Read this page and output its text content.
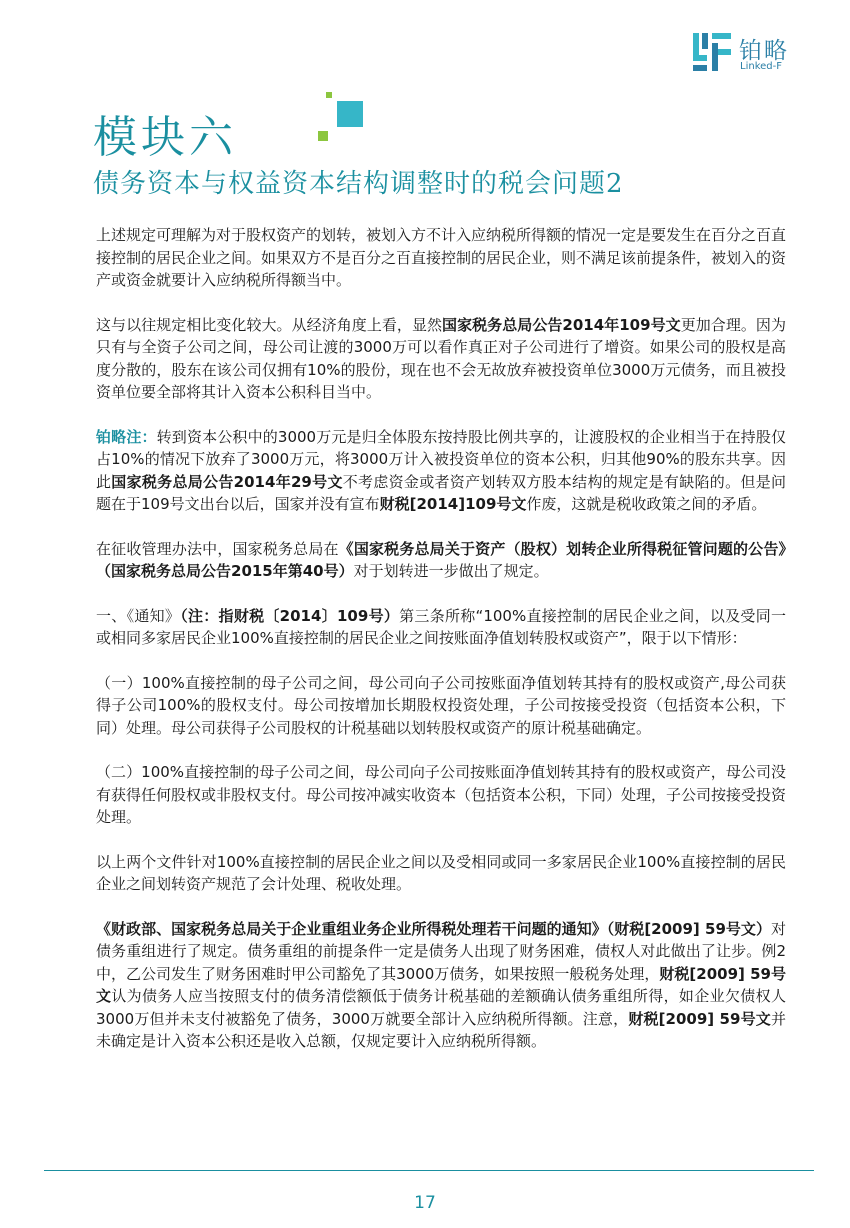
铂略
Linked-F
模块六
债务资本与权益资本结构调整时的税会问题2

上述规定可理解为对于股权资产的划转，被划入方不计入应纳税所得额的情况一定是要发生在百分之百直接控制的居民企业之间。如果双方不是百分之百直接控制的居民企业，则不满足该前提条件，被划入的资产或资金就要计入应纳税所得额当中。

这与以往规定相比变化较大。从经济角度上看，显然国家税务总局公告2014年109号文更加合理。因为只有与全资子公司之间，母公司让渡的3000万可以看作真正对子公司进行了增资。如果公司的股权是高度分散的，股东在该公司仅拥有10%的股份，现在也不会无故放弃被投资单位3000万元债务，而且被投资单位要全部将其计入资本公积科目当中。

铂略注：转到资本公积中的3000万元是归全体股东按持股比例共享的，让渡股权的企业相当于在持股仅占10%的情况下放弃了3000万元，将3000万计入被投资单位的资本公积，归其他90%的股东共享。因此国家税务总局公告2014年29号文不考虑资金或者资产划转双方股本结构的规定是有缺陷的。但是问题在于109号文出台以后，国家并没有宣布财税[2014]109号文作废，这就是税收政策之间的矛盾。

在征收管理办法中，国家税务总局在《国家税务总局关于资产（股权）划转企业所得税征管问题的公告》（国家税务总局公告2015年第40号）对于划转进一步做出了规定。

一、《通知》（注：指财税〔2014〕109号）第三条所称“100%直接控制的居民企业之间，以及受同一或相同多家居民企业100%直接控制的居民企业之间按账面净值划转股权或资产”，限于以下情形：

（一）100%直接控制的母子公司之间，母公司向子公司按账面净值划转其持有的股权或资产,母公司获得子公司100%的股权支付。母公司按增加长期股权投资处理，子公司按接受投资（包括资本公积，下同）处理。母公司获得子公司股权的计税基础以划转股权或资产的原计税基础确定。

（二）100%直接控制的母子公司之间，母公司向子公司按账面净值划转其持有的股权或资产，母公司没有获得任何股权或非股权支付。母公司按冲减实收资本（包括资本公积，下同）处理，子公司按接受投资处理。

以上两个文件针对100%直接控制的居民企业之间以及受相同或同一多家居民企业100%直接控制的居民企业之间划转资产规范了会计处理、税收处理。

《财政部、国家税务总局关于企业重组业务企业所得税处理若干问题的通知》（财税[2009] 59号文）对债务重组进行了规定。债务重组的前提条件一定是债务人出现了财务困难，债权人对此做出了让步。例2中，乙公司发生了财务困难时甲公司豁免了其3000万债务，如果按照一般税务处理，财税[2009] 59号文认为债务人应当按照支付的债务清偿额低于债务计税基础的差额确认债务重组所得，如企业欠债权人3000万但并未支付被豁免了债务，3000万就要全部计入应纳税所得额。注意，财税[2009] 59号文并未确定是计入资本公积还是收入总额，仅规定要计入应纳税所得额。

17
